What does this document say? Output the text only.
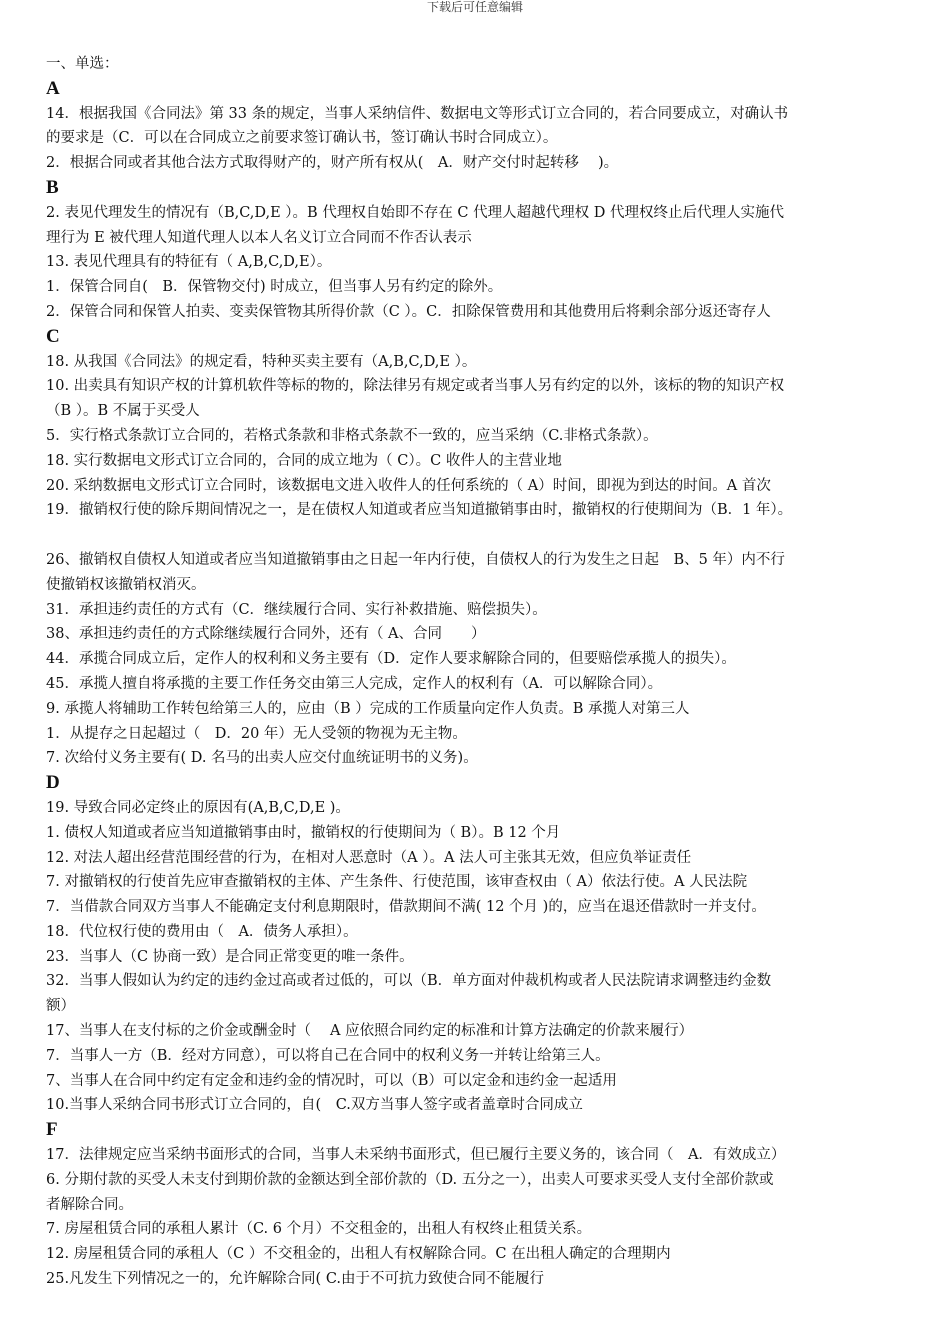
下载后可任意编辑
一、单选：
A
14．根据我国《合同法》第 33 条的规定，当事人采纳信件、数据电文等形式订立合同的，若合同要成立，对确认书
的要求是（C．可以在合同成立之前要求签订确认书，签订确认书时合同成立）。
2．根据合同或者其他合法方式取得财产的，财产所有权从(　A．财产交付时起转移　 )。
B
2. 表见代理发生的情况有（B,C,D,E ）。B 代理权自始即不存在 C 代理人超越代理权 D 代理权终止后代理人实施代
理行为 E 被代理人知道代理人以本人名义订立合同而不作否认表示
13. 表见代理具有的特征有（ A,B,C,D,E）。
1．保管合同自(　B．保管物交付) 时成立，但当事人另有约定的除外。
2．保管合同和保管人拍卖、变卖保管物其所得价款（C ）。C．扣除保管费用和其他费用后将剩余部分返还寄存人
C
18. 从我国《合同法》的规定看，特种买卖主要有（A,B,C,D,E ）。
10. 出卖具有知识产权的计算机软件等标的物的，除法律另有规定或者当事人另有约定的以外，该标的物的知识产权
（B ）。B 不属于买受人
5．实行格式条款订立合同的，若格式条款和非格式条款不一致的，应当采纳（C.非格式条款）。
18. 实行数据电文形式订立合同的，合同的成立地为（ C）。C 收件人的主营业地
20. 采纳数据电文形式订立合同时，该数据电文进入收件人的任何系统的（ A）时间，即视为到达的时间。A 首次
19．撤销权行使的除斥期间情况之一，是在债权人知道或者应当知道撤销事由时，撤销权的行使期间为（B．1 年）。
26、撤销权自债权人知道或者应当知道撤销事由之日起一年内行使，自债权人的行为发生之日起　B、5 年）内不行
使撤销权该撤销权消灭。
31．承担违约责任的方式有（C．继续履行合同、实行补救措施、赔偿损失）。
38、承担违约责任的方式除继续履行合同外，还有（ A、合同　　）
44．承揽合同成立后，定作人的权利和义务主要有（D．定作人要求解除合同的，但要赔偿承揽人的损失）。
45．承揽人擅自将承揽的主要工作任务交由第三人完成，定作人的权利有（A．可以解除合同）。
9. 承揽人将辅助工作转包给第三人的，应由（B ）完成的工作质量向定作人负责。B 承揽人对第三人
1．从提存之日起超过（　D．20 年）无人受领的物视为无主物。
7. 次给付义务主要有( D. 名马的出卖人应交付血统证明书的义务)。
D
19. 导致合同必定终止的原因有(A,B,C,D,E )。
1. 债权人知道或者应当知道撤销事由时，撤销权的行使期间为（ B）。B 12 个月
12. 对法人超出经营范围经营的行为，在相对人恶意时（A ）。A 法人可主张其无效，但应负举证责任
7. 对撤销权的行使首先应审查撤销权的主体、产生条件、行使范围，该审查权由（ A）依法行使。A 人民法院
7．当借款合同双方当事人不能确定支付利息期限时，借款期间不满( 12 个月 )的，应当在退还借款时一并支付。
18．代位权行使的费用由（　A．债务人承担）。
23．当事人（C 协商一致）是合同正常变更的唯一条件。
32．当事人假如认为约定的违约金过高或者过低的，可以（B．单方面对仲裁机构或者人民法院请求调整违约金数
额）
17、当事人在支付标的之价金或酬金时（　 A 应依照合同约定的标准和计算方法确定的价款来履行）
7．当事人一方（B．经对方同意），可以将自己在合同中的权利义务一并转让给第三人。
7、当事人在合同中约定有定金和违约金的情况时，可以（B）可以定金和违约金一起适用
10.当事人采纳合同书形式订立合同的，自(　C.双方当事人签字或者盖章时合同成立
F
17．法律规定应当采纳书面形式的合同，当事人未采纳书面形式，但已履行主要义务的，该合同（　A．有效成立）
6. 分期付款的买受人未支付到期价款的金额达到全部价款的（D. 五分之一），出卖人可要求买受人支付全部价款或
者解除合同。
7. 房屋租赁合同的承租人累计（C. 6 个月）不交租金的，出租人有权终止租赁关系。
12. 房屋租赁合同的承租人（C ）不交租金的，出租人有权解除合同。C 在出租人确定的合理期内
25.凡发生下列情况之一的，允许解除合同( C.由于不可抗力致使合同不能履行
